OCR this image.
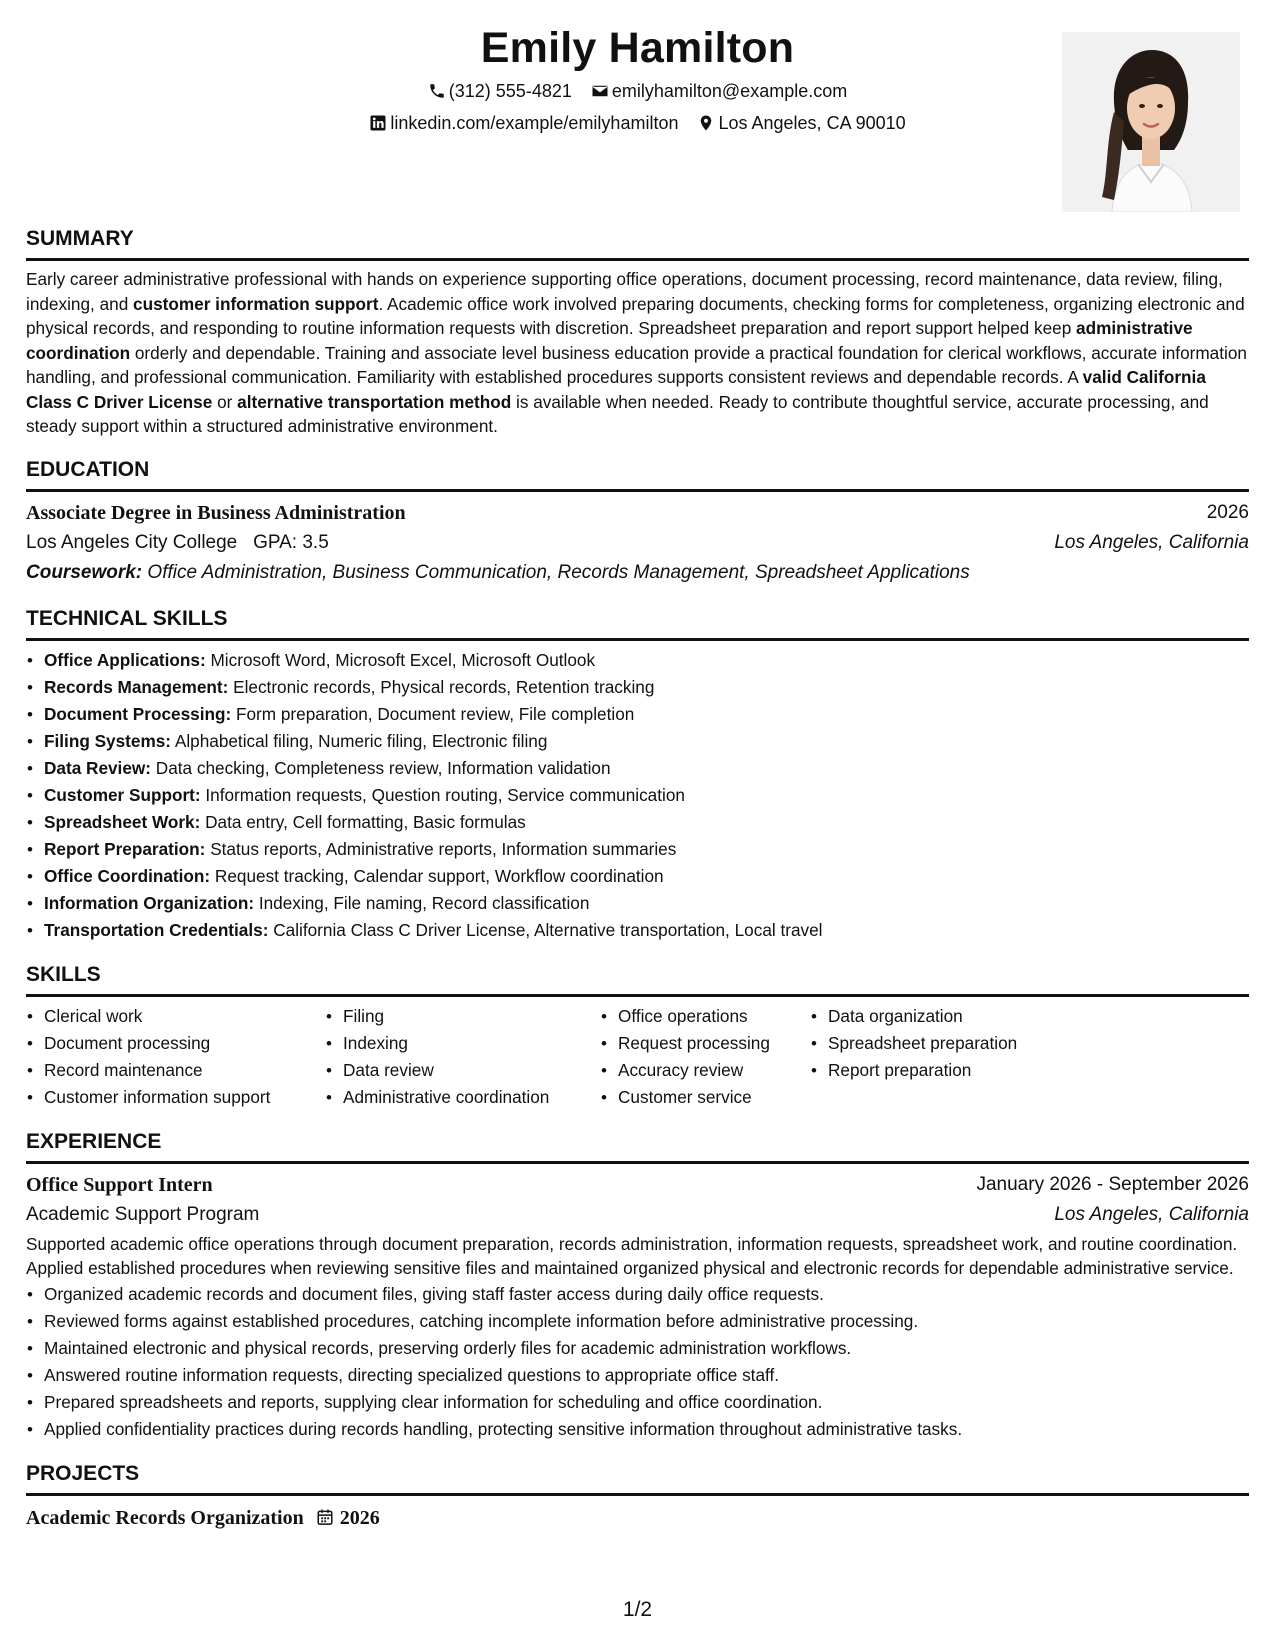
Emily Hamilton
(312) 555-4821 emilyhamilton@example.com
linkedin.com/example/emilyhamilton Los Angeles, CA 90010
SUMMARY

Early career administrative professional with hands on experience supporting office operations, document processing, record maintenance, data review, filing, indexing, and customer information support. Academic office work involved preparing documents, checking forms for completeness, organizing electronic and physical records, and responding to routine information requests with discretion. Spreadsheet preparation and report support helped keep administrative coordination orderly and dependable. Training and associate level business education provide a practical foundation for clerical workflows, accurate information handling, and professional communication. Familiarity with established procedures supports consistent reviews and dependable records. A valid California Class C Driver License or alternative transportation method is available when needed. Ready to contribute thoughtful service, accurate processing, and steady support within a structured administrative environment.

EDUCATION
Associate Degree in Business Administration	2026
Los Angeles City College GPA: 3.5	Los Angeles, California
Coursework: Office Administration, Business Communication, Records Management, Spreadsheet Applications
TECHNICAL SKILLS
• Office Applications: Microsoft Word, Microsoft Excel, Microsoft Outlook
• Records Management: Electronic records, Physical records, Retention tracking
• Document Processing: Form preparation, Document review, File completion
• Filing Systems: Alphabetical filing, Numeric filing, Electronic filing
• Data Review: Data checking, Completeness review, Information validation
• Customer Support: Information requests, Question routing, Service communication
• Spreadsheet Work: Data entry, Cell formatting, Basic formulas
• Report Preparation: Status reports, Administrative reports, Information summaries
• Office Coordination: Request tracking, Calendar support, Workflow coordination
• Information Organization: Indexing, File naming, Record classification
• Transportation Credentials: California Class C Driver License, Alternative transportation, Local travel
SKILLS
• Clerical work
• Document processing
• Record maintenance
• Customer information support
• Filing
• Indexing
• Data review
• Administrative coordination
• Office operations
• Request processing
• Accuracy review
• Customer service
• Data organization
• Spreadsheet preparation
• Report preparation
EXPERIENCE
Office Support Intern	January 2026 - September 2026
Academic Support Program	Los Angeles, California

Supported academic office operations through document preparation, records administration, information requests, spreadsheet work, and routine coordination. Applied established procedures when reviewing sensitive files and maintained organized physical and electronic records for dependable administrative service.

• Organized academic records and document files, giving staff faster access during daily office requests.
• Reviewed forms against established procedures, catching incomplete information before administrative processing.
• Maintained electronic and physical records, preserving orderly files for academic administration workflows.
• Answered routine information requests, directing specialized questions to appropriate office staff.
• Prepared spreadsheets and reports, supplying clear information for scheduling and office coordination.
• Applied confidentiality practices during records handling, protecting sensitive information throughout administrative tasks.
PROJECTS
Academic Records Organization 2026
1/2
